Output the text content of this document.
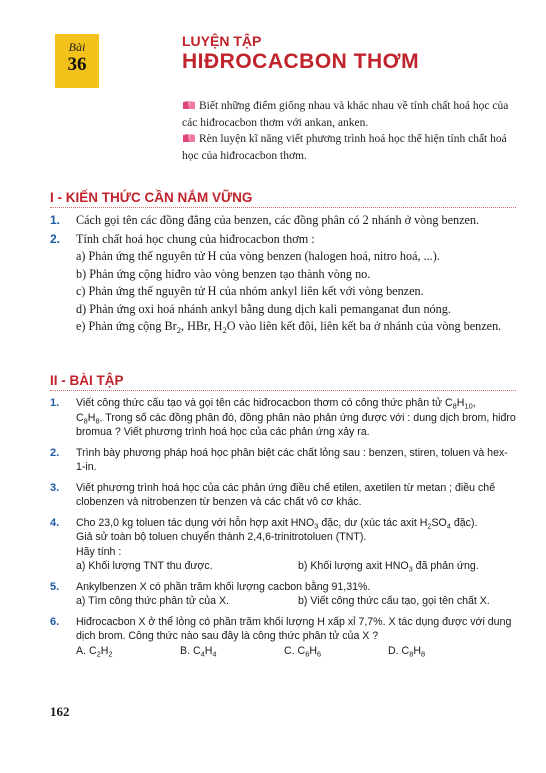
Bài
36
LUYỆN TẬP
HIĐROCACBON THƠM
Biết những điểm giống nhau và khác nhau về tính chất hoá học của các hiđrocacbon thơm với ankan, anken.
Rèn luyện kĩ năng viết phương trình hoá học thể hiện tính chất hoá học của hiđrocacbon thơm.
I - KIẾN THỨC CẦN NẮM VỮNG
1. Cách gọi tên các đồng đẳng của benzen, các đồng phân có 2 nhánh ở vòng benzen.
2. Tính chất hoá học chung của hiđrocacbon thơm :
a) Phản ứng thế nguyên tử H của vòng benzen (halogen hoá, nitro hoá, ...).
b) Phản ứng cộng hiđro vào vòng benzen tạo thành vòng no.
c) Phản ứng thế nguyên tử H của nhóm ankyl liên kết với vòng benzen.
d) Phản ứng oxi hoá nhánh ankyl bằng dung dịch kali pemanganat đun nóng.
e) Phản ứng cộng $Br_2$, HBr, $H_2O$ vào liên kết đôi, liên kết ba ở nhánh của vòng benzen.
II - BÀI TẬP
1. Viết công thức cấu tạo và gọi tên các hiđrocacbon thơm có công thức phân tử $C_8H_{10}$,
$C_8H_8$. Trong số các đồng phân đó, đồng phân nào phản ứng được với : dung dịch brom, hiđro bromua ? Viết phương trình hoá học của các phản ứng xảy ra.
2. Trình bày phương pháp hoá học phân biệt các chất lỏng sau : benzen, stiren, toluen và hex-1-in.
3. Viết phương trình hoá học của các phản ứng điều chế etilen, axetilen từ metan ; điều chế clobenzen và nitrobenzen từ benzen và các chất vô cơ khác.
4. Cho 23,0 kg toluen tác dụng với hỗn hợp axit $HNO_3$ đặc, dư (xúc tác axit $H_2SO_4$ đặc).
Giả sử toàn bộ toluen chuyển thành 2,4,6-trinitrotoluen (TNT).
Hãy tính :
a) Khối lượng TNT thu được.	b) Khối lượng axit $HNO_3$ đã phản ứng.
5. Ankylbenzen X có phần trăm khối lượng cacbon bằng 91,31%.
a) Tìm công thức phân tử của X.	b) Viết công thức cấu tạo, gọi tên chất X.
6. Hiđrocacbon X ở thể lỏng có phần trăm khối lượng H xấp xỉ 7,7%. X tác dụng được với dung dịch brom. Công thức nào sau đây là công thức phân tử của X ?
A. $C_2H_2$	B. $C_4H_4$	C. $C_6H_6$	D. $C_8H_8$
162
